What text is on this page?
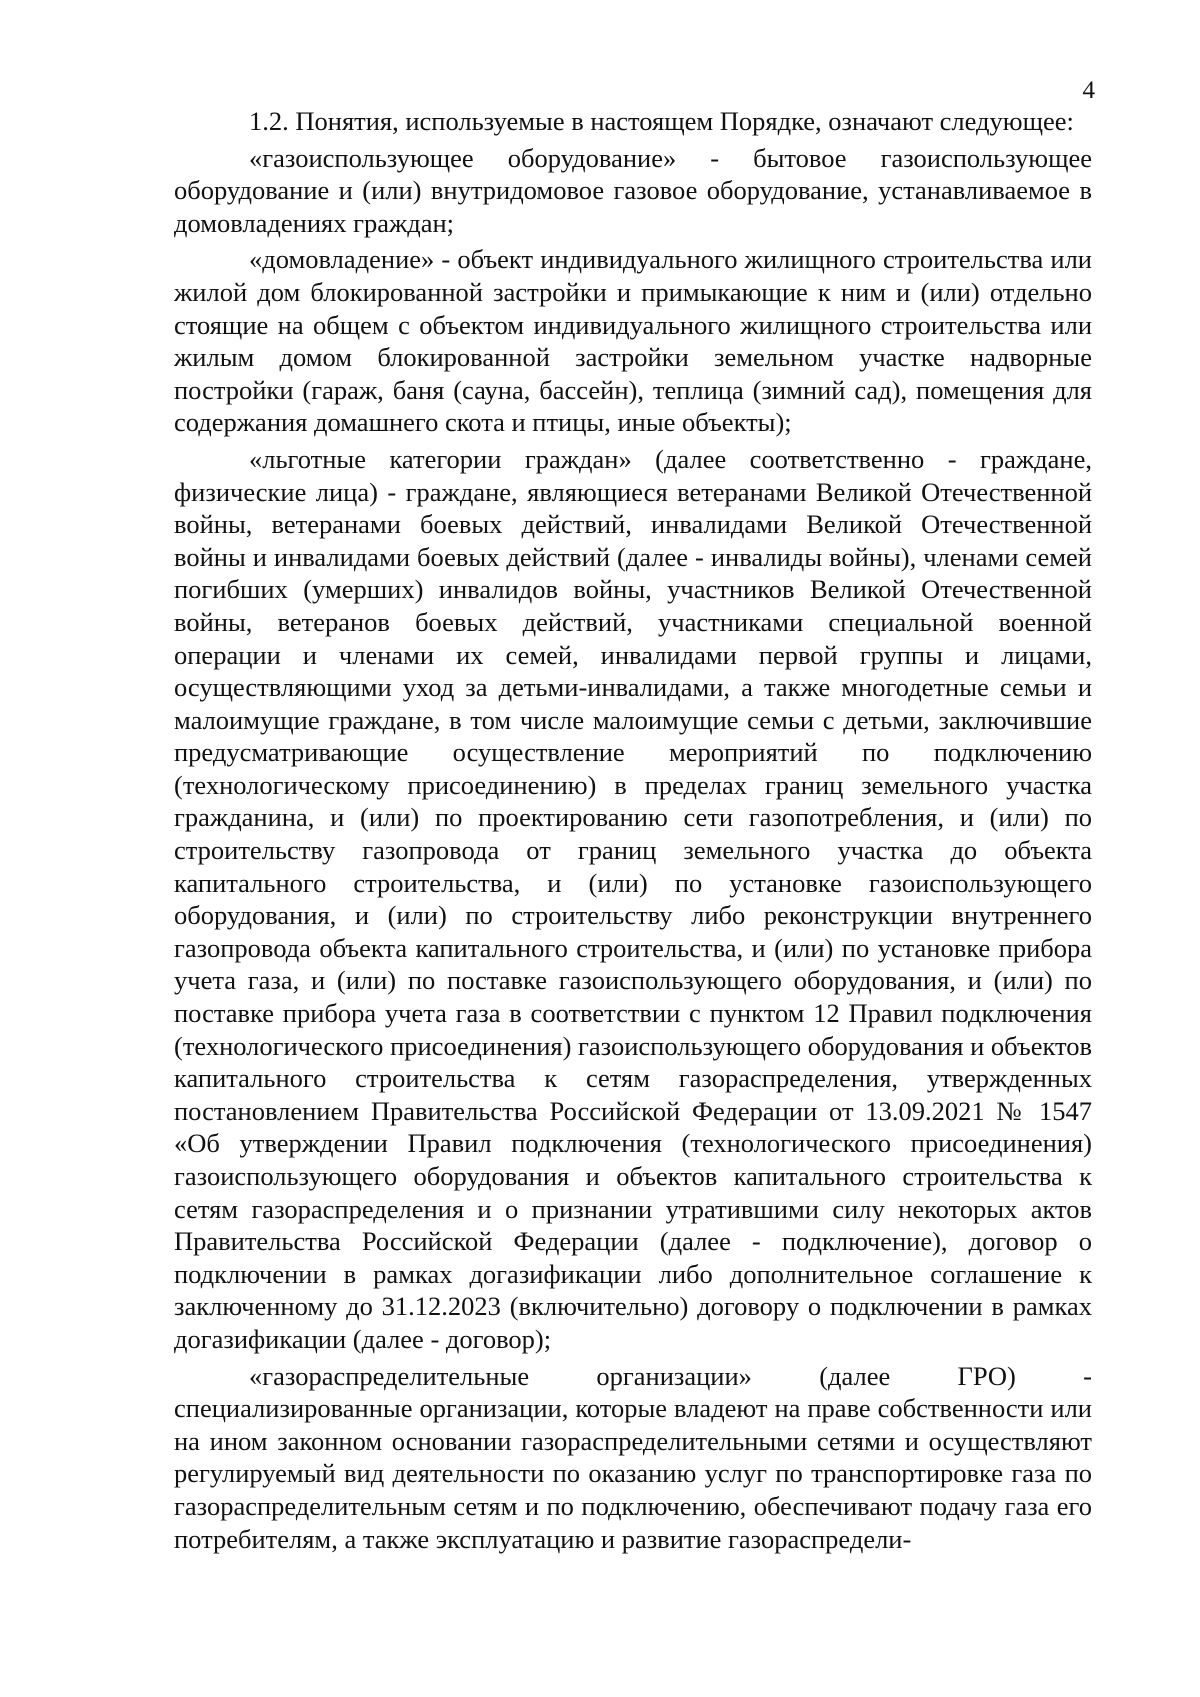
4

1.2. Понятия, используемые в настоящем Порядке, означают следующее:

«газоиспользующее оборудование» - бытовое газоиспользующее оборудование и (или) внутридомовое газовое оборудование, устанавливаемое в домовладениях граждан;

«домовладение» - объект индивидуального жилищного строительства или жилой дом блокированной застройки и примыкающие к ним и (или) отдельно стоящие на общем с объектом индивидуального жилищного строительства или жилым домом блокированной застройки земельном участке надворные постройки (гараж, баня (сауна, бассейн), теплица (зимний сад), помещения для содержания домашнего скота и птицы, иные объекты);

«льготные категории граждан» (далее соответственно - граждане, физические лица) - граждане, являющиеся ветеранами Великой Отечественной войны, ветеранами боевых действий, инвалидами Великой Отечественной войны и инвалидами боевых действий (далее - инвалиды войны), членами семей погибших (умерших) инвалидов войны, участников Великой Отечественной войны, ветеранов боевых действий, участниками специальной военной операции и членами их семей, инвалидами первой группы и лицами, осуществляющими уход за детьми-инвалидами, а также многодетные семьи и малоимущие граждане, в том числе малоимущие семьи с детьми, заключившие предусматривающие осуществление мероприятий по подключению (технологическому присоединению) в пределах границ земельного участка гражданина, и (или) по проектированию сети газопотребления, и (или) по строительству газопровода от границ земельного участка до объекта капитального строительства, и (или) по установке газоиспользующего оборудования, и (или) по строительству либо реконструкции внутреннего газопровода объекта капитального строительства, и (или) по установке прибора учета газа, и (или) по поставке газоиспользующего оборудования, и (или) по поставке прибора учета газа в соответствии с пунктом 12 Правил подключения (технологического присоединения) газоиспользующего оборудования и объектов капитального строительства к сетям газораспределения, утвержденных постановлением Правительства Российской Федерации от 13.09.2021 № 1547 «Об утверждении Правил подключения (технологического присоединения) газоиспользующего оборудования и объектов капитального строительства к сетям газораспределения и о признании утратившими силу некоторых актов Правительства Российской Федерации (далее - подключение), договор о подключении в рамках догазификации либо дополнительное соглашение к заключенному до 31.12.2023 (включительно) договору о подключении в рамках догазификации (далее - договор);

«газораспределительные организации» (далее ГРО) - специализированные организации, которые владеют на праве собственности или на ином законном основании газораспределительными сетями и осуществляют регулируемый вид деятельности по оказанию услуг по транспортировке газа по газораспределительным сетям и по подключению, обеспечивают подачу газа его потребителям, а также эксплуатацию и развитие газораспредели-
